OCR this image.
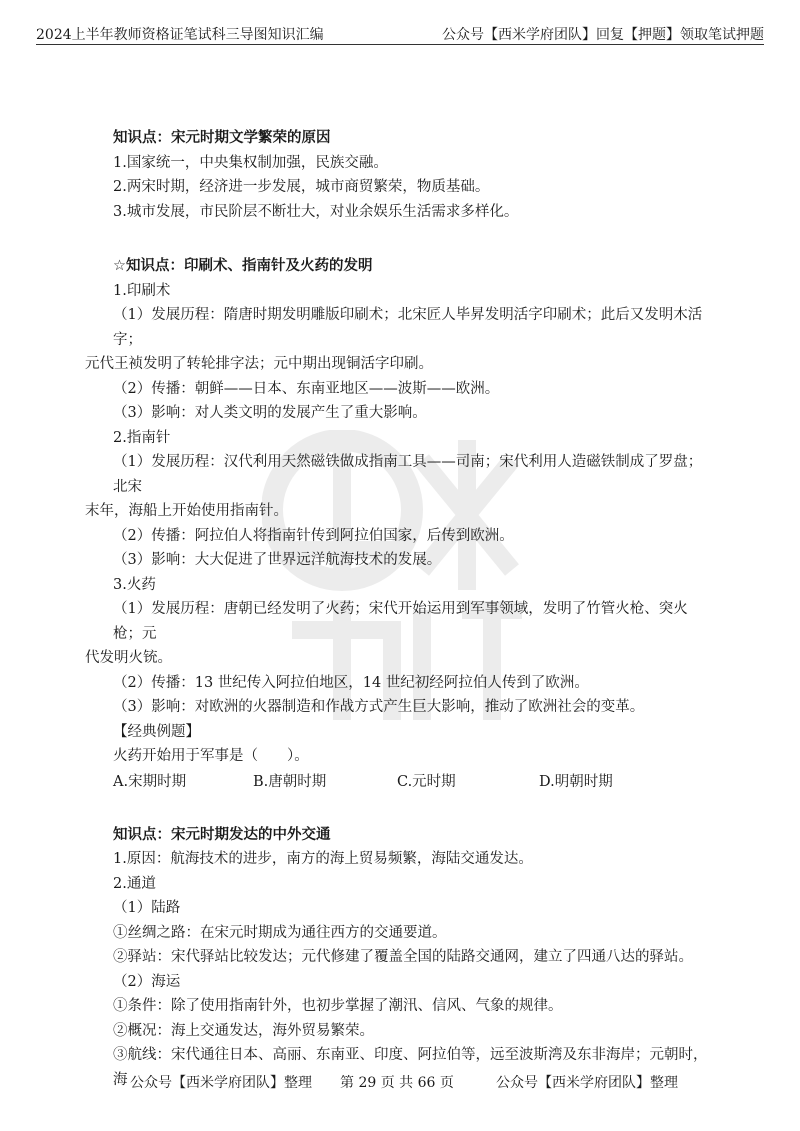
2024上半年教师资格证笔试科三导图知识汇编	公众号【西米学府团队】回复【押题】领取笔试押题

知识点：宋元时期文学繁荣的原因

1.国家统一，中央集权制加强，民族交融。

2.两宋时期，经济进一步发展，城市商贸繁荣，物质基础。

3.城市发展，市民阶层不断壮大，对业余娱乐生活需求多样化。

☆知识点：印刷术、指南针及火药的发明

1.印刷术

（1）发展历程：隋唐时期发明雕版印刷术；北宋匠人毕昇发明活字印刷术；此后又发明木活字；

元代王祯发明了转轮排字法；元中期出现铜活字印刷。

（2）传播：朝鲜——日本、东南亚地区——波斯——欧洲。

（3）影响：对人类文明的发展产生了重大影响。

2.指南针

（1）发展历程：汉代利用天然磁铁做成指南工具——司南；宋代利用人造磁铁制成了罗盘；北宋

末年，海船上开始使用指南针。

（2）传播：阿拉伯人将指南针传到阿拉伯国家，后传到欧洲。

（3）影响：大大促进了世界远洋航海技术的发展。

3.火药

（1）发展历程：唐朝已经发明了火药；宋代开始运用到军事领域，发明了竹管火枪、突火枪；元

代发明火铳。

（2）传播：13 世纪传入阿拉伯地区，14 世纪初经阿拉伯人传到了欧洲。

（3）影响：对欧洲的火器制造和作战方式产生巨大影响，推动了欧洲社会的变革。

【经典例题】

火药开始用于军事是（　　）。

A.宋期时期	B.唐朝时期	C.元时期	D.明朝时期

知识点：宋元时期发达的中外交通

1.原因：航海技术的进步，南方的海上贸易频繁，海陆交通发达。

2.通道

（1）陆路

①丝绸之路：在宋元时期成为通往西方的交通要道。

②驿站：宋代驿站比较发达；元代修建了覆盖全国的陆路交通网，建立了四通八达的驿站。

（2）海运

①条件：除了使用指南针外，也初步掌握了潮汛、信风、气象的规律。

②概况：海上交通发达，海外贸易繁荣。

③航线：宋代通往日本、高丽、东南亚、印度、阿拉伯等，远至波斯湾及东非海岸；元朝时，海 公众号【西米学府团队】整理 第 29 页 共 66 页	公众号【西米学府团队】整理
